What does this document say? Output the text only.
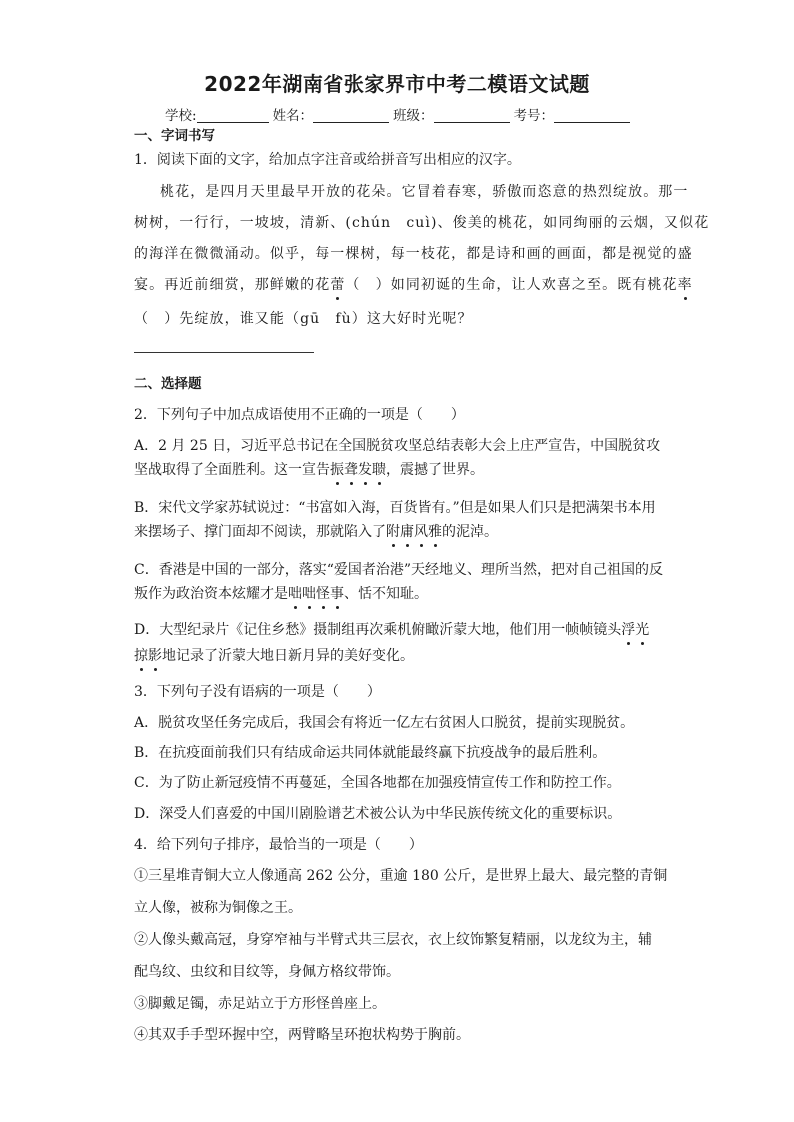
2022年湖南省张家界市中考二模语文试题
学校:	姓名：	班级：	考号：
一、字词书写
1．阅读下面的文字，给加点字注音或给拼音写出相应的汉字。
桃花，是四月天里最早开放的花朵。它冒着春寒，骄傲而恣意的热烈绽放。那一
树树，一行行，一坡坡，清新、(chún　cuì)、俊美的桃花，如同绚丽的云烟，又似花
的海洋在微微涌动。似乎，每一棵树，每一枝花，都是诗和画的画面，都是视觉的盛
宴。再近前细赏，那鲜嫩的花蕾（　）如同初诞的生命，让人欢喜之至。既有桃花率
（　）先绽放，谁又能（gū　fù）这大好时光呢？
二、选择题
2．下列句子中加点成语使用不正确的一项是（　　）
A．2 月 25 日，习近平总书记在全国脱贫攻坚总结表彰大会上庄严宣告，中国脱贫攻
坚战取得了全面胜利。这一宣告振聋发聩，震撼了世界。
B．宋代文学家苏轼说过：“书富如入海，百货皆有。”但是如果人们只是把满架书本用
来摆场子、撑门面却不阅读，那就陷入了附庸风雅的泥淖。
C．香港是中国的一部分，落实“爱国者治港”天经地义、理所当然，把对自己祖国的反
叛作为政治资本炫耀才是咄咄怪事、恬不知耻。
D．大型纪录片《记住乡愁》摄制组再次乘机俯瞰沂蒙大地，他们用一帧帧镜头浮光
掠影地记录了沂蒙大地日新月异的美好变化。
3．下列句子没有语病的一项是（　　）
A．脱贫攻坚任务完成后，我国会有将近一亿左右贫困人口脱贫，提前实现脱贫。
B．在抗疫面前我们只有结成命运共同体就能最终赢下抗疫战争的最后胜利。
C．为了防止新冠疫情不再蔓延，全国各地都在加强疫情宣传工作和防控工作。
D．深受人们喜爱的中国川剧脸谱艺术被公认为中华民族传统文化的重要标识。
4．给下列句子排序，最恰当的一项是（　　）
①三星堆青铜大立人像通高 262 公分，重逾 180 公斤，是世界上最大、最完整的青铜
立人像，被称为铜像之王。
②人像头戴高冠，身穿窄袖与半臂式共三层衣，衣上纹饰繁复精丽，以龙纹为主，辅
配鸟纹、虫纹和目纹等，身佩方格纹带饰。
③脚戴足镯，赤足站立于方形怪兽座上。
④其双手手型环握中空，两臂略呈环抱状构势于胸前。
